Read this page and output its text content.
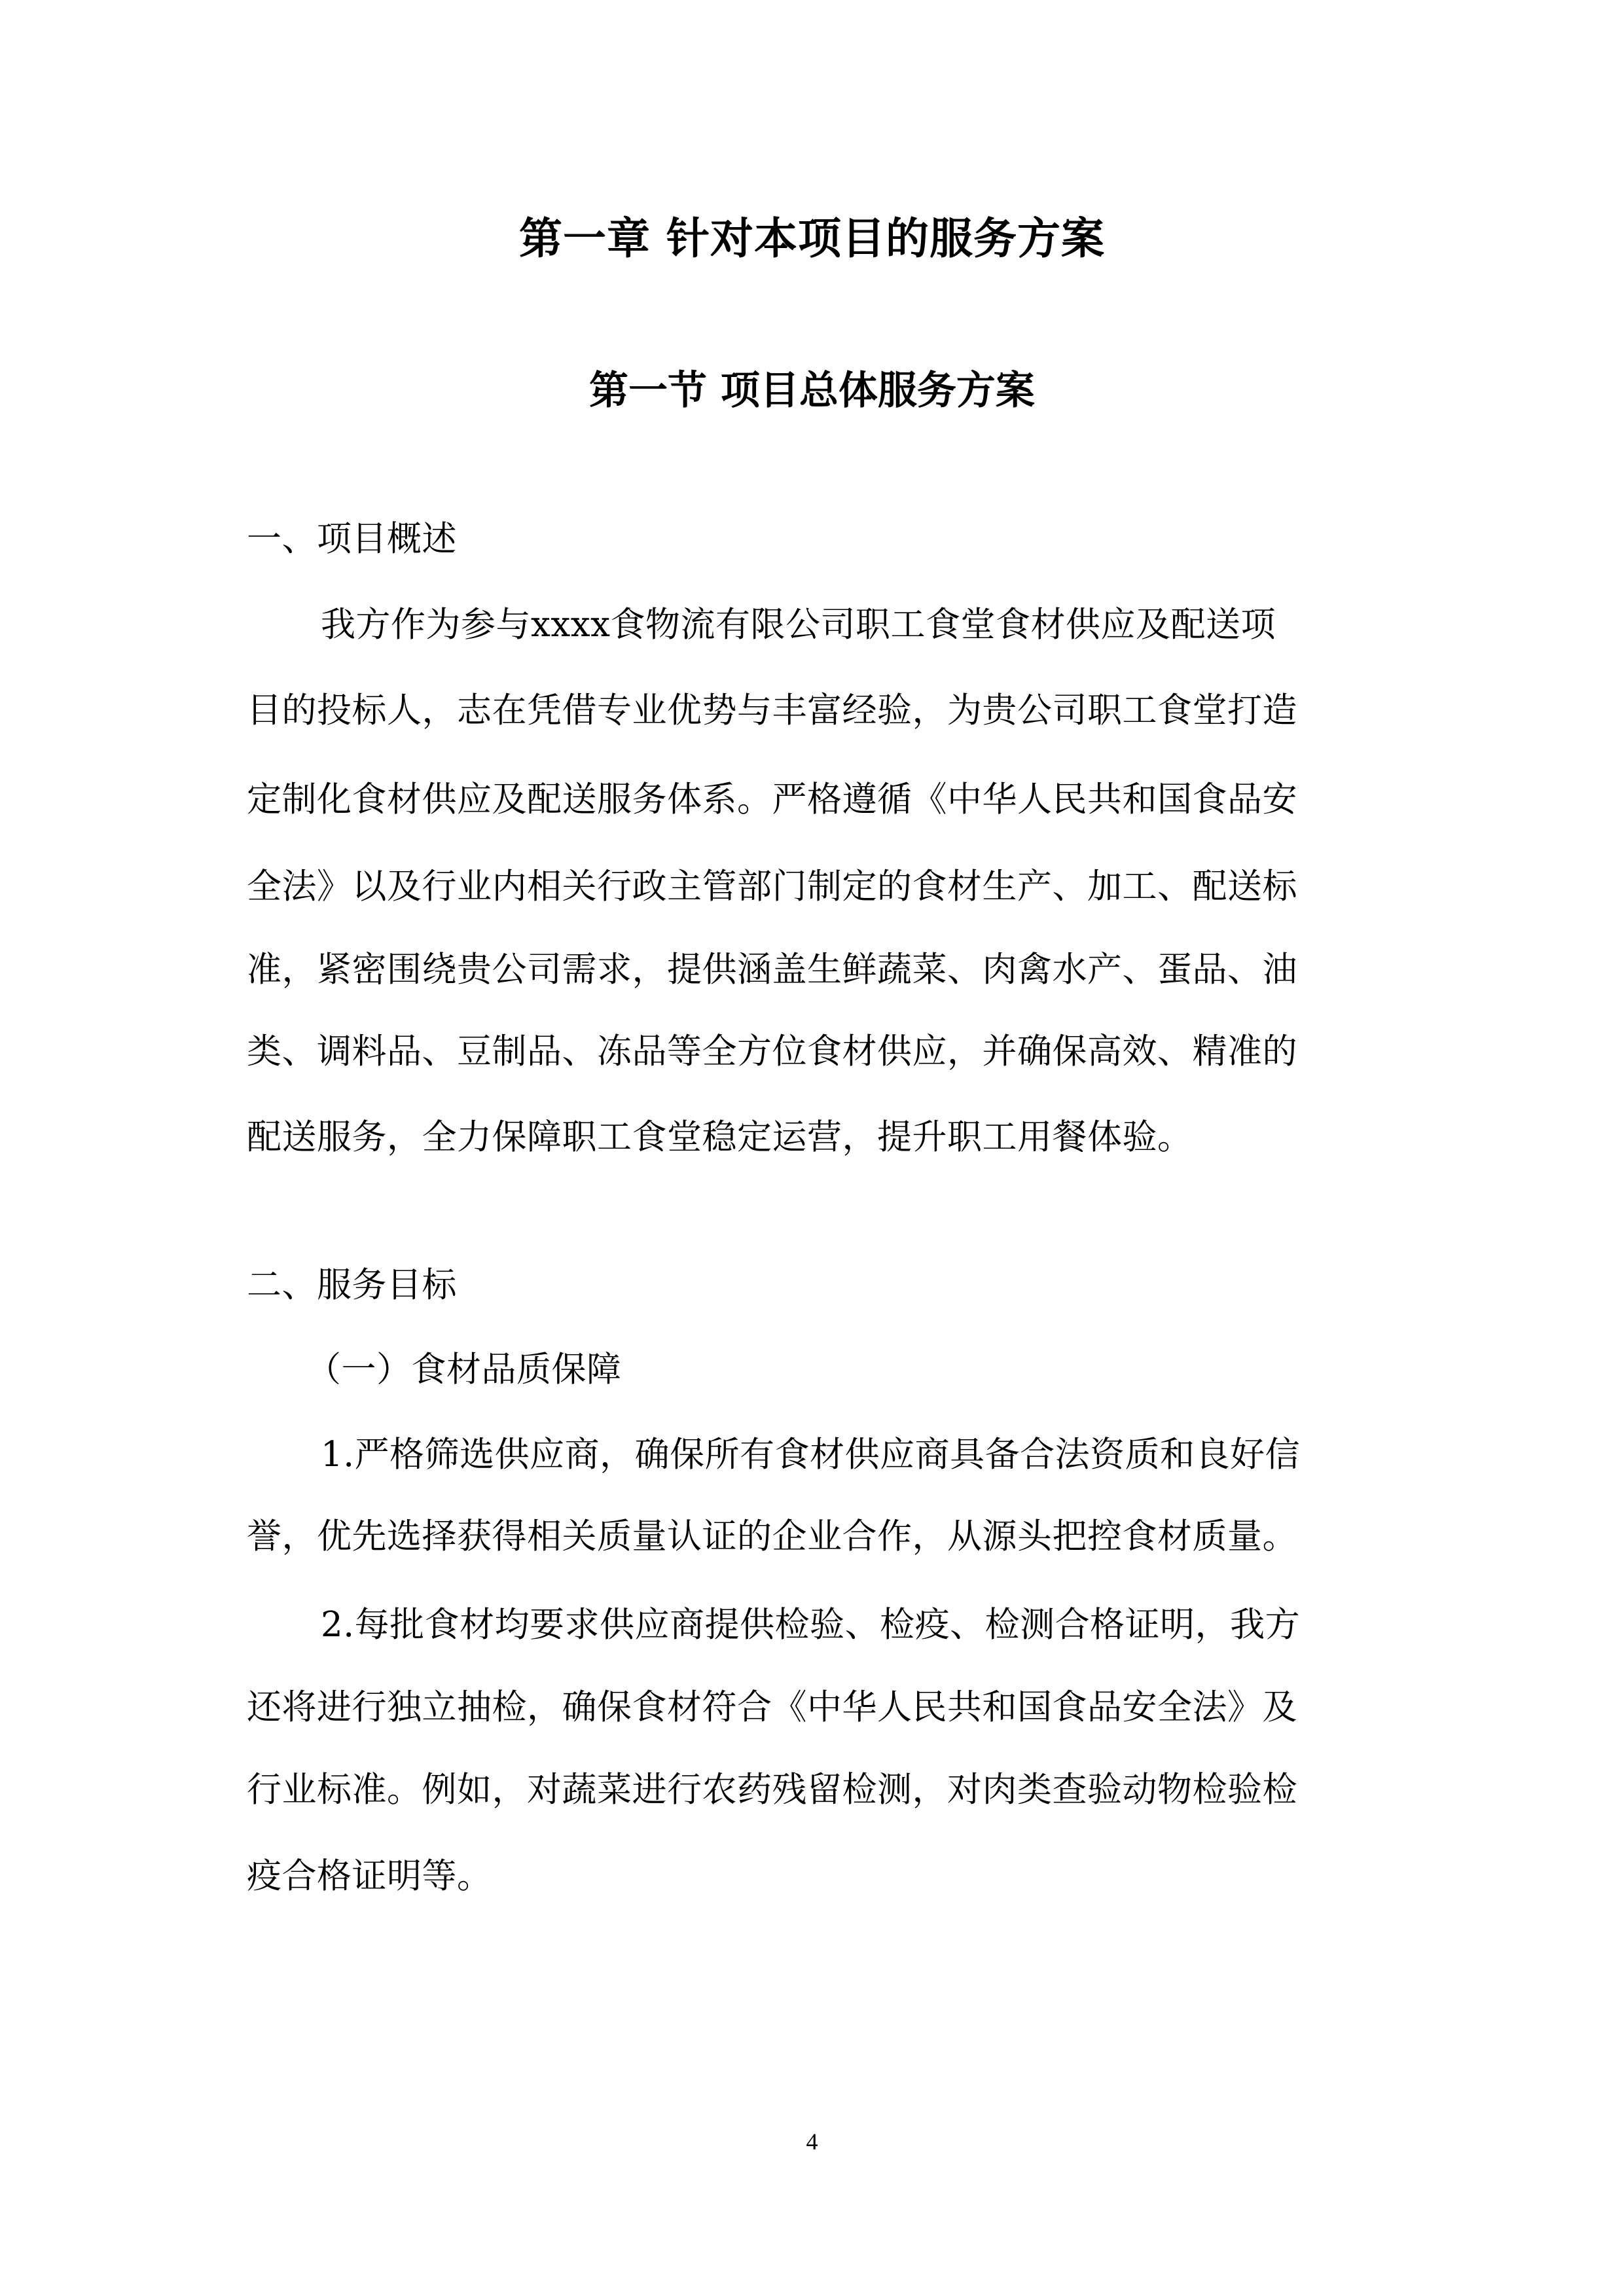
第一章 针对本项目的服务方案
第一节 项目总体服务方案
一、项目概述
我方作为参与xxxx食物流有限公司职工食堂食材供应及配送项
目的投标人，志在凭借专业优势与丰富经验，为贵公司职工食堂打造
定制化食材供应及配送服务体系。严格遵循《中华人民共和国食品安
全法》以及行业内相关行政主管部门制定的食材生产、加工、配送标
准，紧密围绕贵公司需求，提供涵盖生鲜蔬菜、肉禽水产、蛋品、油
类、调料品、豆制品、冻品等全方位食材供应，并确保高效、精准的
配送服务，全力保障职工食堂稳定运营，提升职工用餐体验。
二、服务目标
（一）食材品质保障
1.严格筛选供应商，确保所有食材供应商具备合法资质和良好信
誉，优先选择获得相关质量认证的企业合作，从源头把控食材质量。
2.每批食材均要求供应商提供检验、检疫、检测合格证明，我方
还将进行独立抽检，确保食材符合《中华人民共和国食品安全法》及
行业标准。例如，对蔬菜进行农药残留检测，对肉类查验动物检验检
疫合格证明等。
4
